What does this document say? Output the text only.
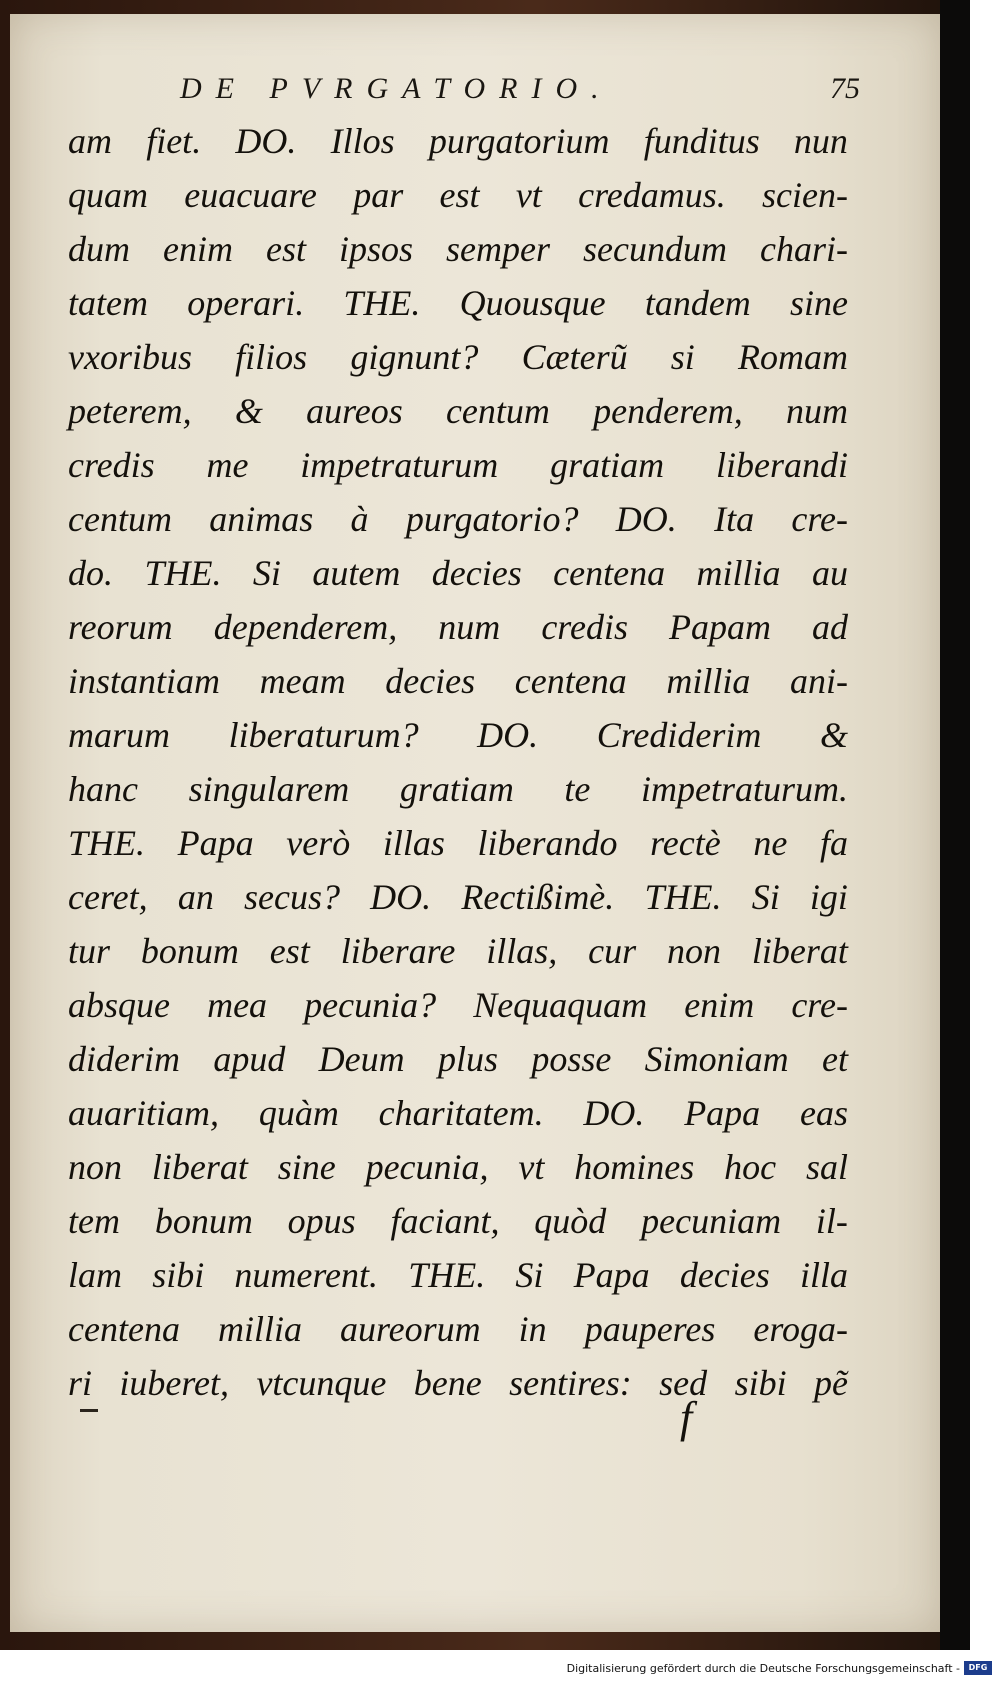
DE PVRGATORIO.	75
am fiet. DO. Illos purgatorium funditus nun
quam euacuare par est vt credamus. scien-
dum enim est ipsos semper secundum chari-
tatem operari. THE. Quousque tandem sine
vxoribus filios gignunt? Cæterũ si Romam
peterem, & aureos centum penderem, num
credis me impetraturum gratiam liberandi
centum animas à purgatorio? DO. Ita cre-
do. THE. Si autem decies centena millia au
reorum dependerem, num credis Papam ad
instantiam meam decies centena millia ani-
marum liberaturum? DO. Crediderim &
hanc singularem gratiam te impetraturum.
THE. Papa verò illas liberando rectè ne fa
ceret, an secus? DO. Rectißimè. THE. Si igi
tur bonum est liberare illas, cur non liberat
absque mea pecunia? Nequaquam enim cre-
diderim apud Deum plus posse Simoniam et
auaritiam, quàm charitatem. DO. Papa eas
non liberat sine pecunia, vt homines hoc sal
tem bonum opus faciant, quòd pecuniam il-
lam sibi numerent. THE. Si Papa decies illa
centena millia aureorum in pauperes eroga-
ri iuberet, vtcunque bene sentires: sed sibi pẽ
f
Digitalisierung gefördert durch die Deutsche Forschungsgemeinschaft -	DFG
